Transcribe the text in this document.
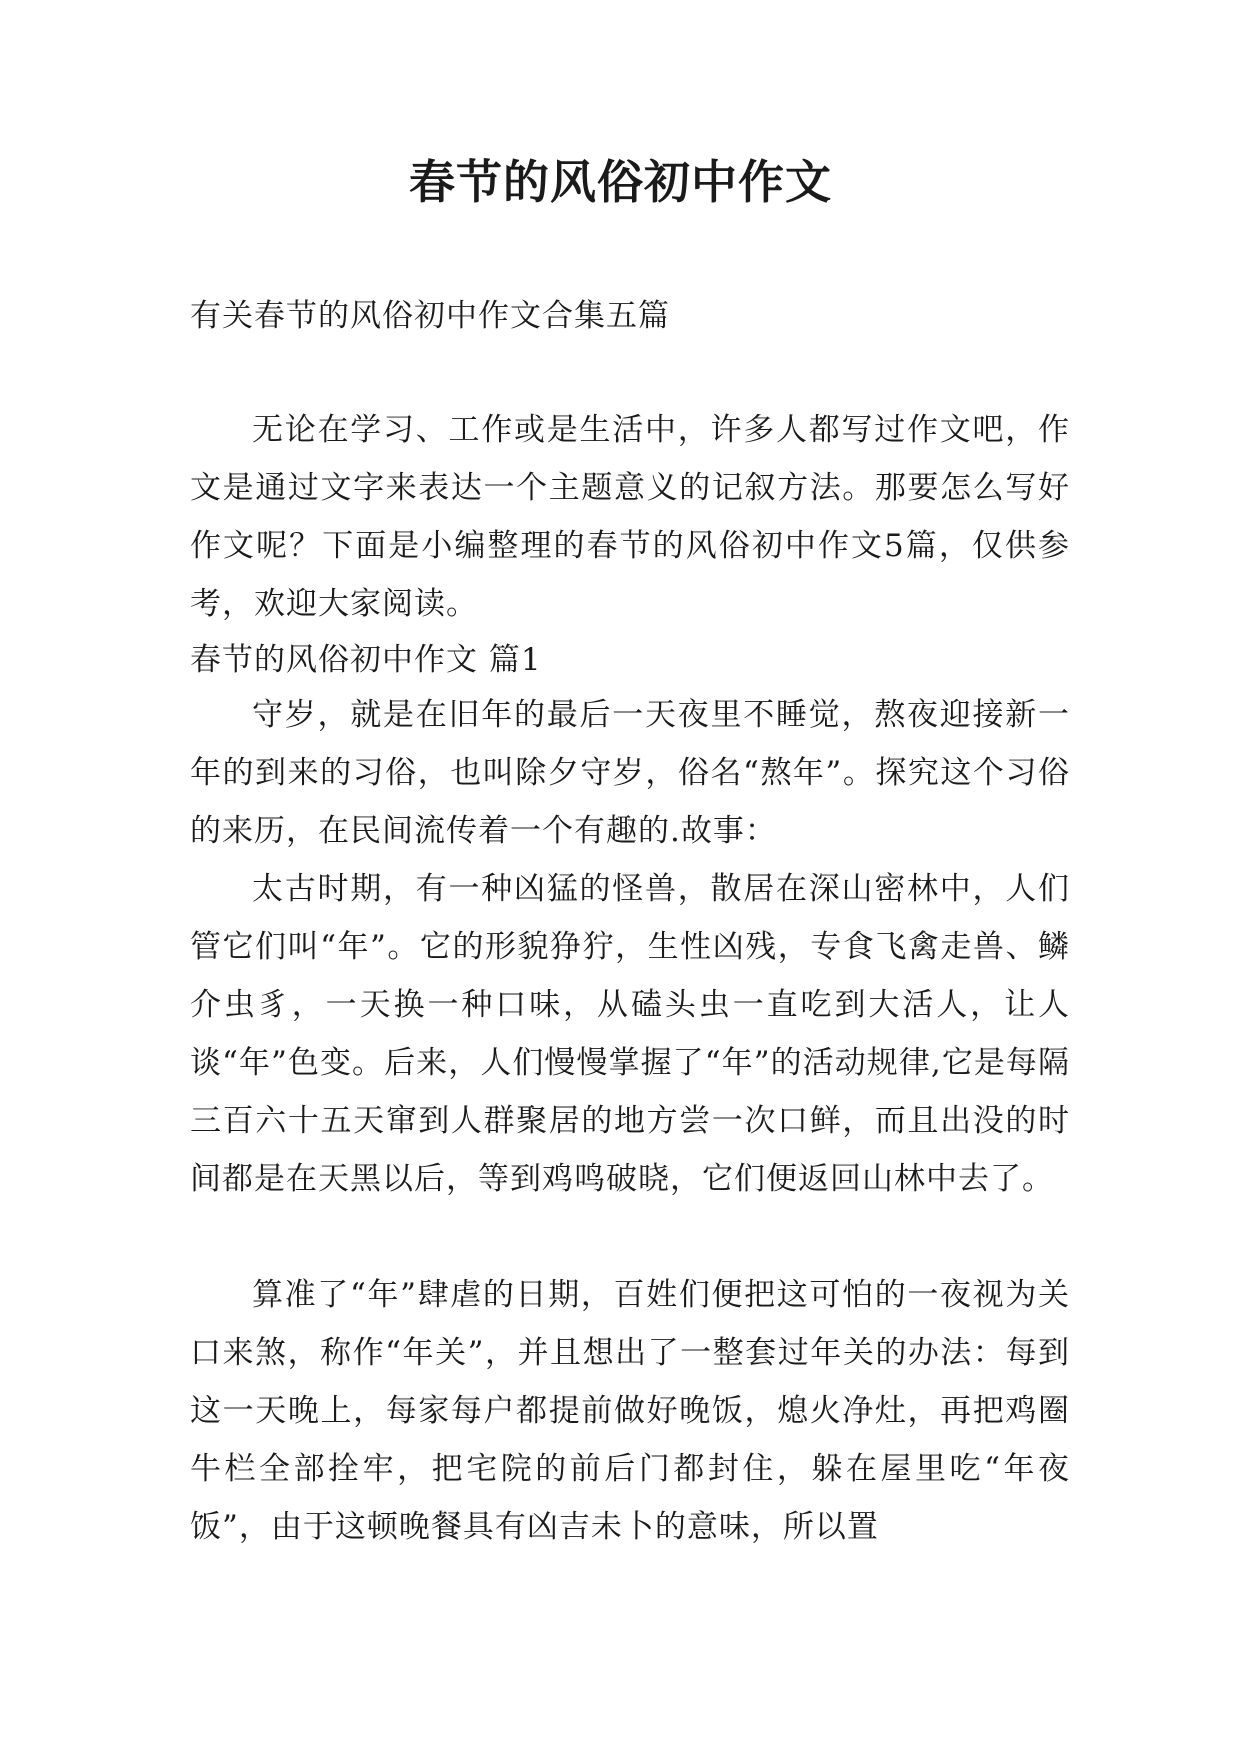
春节的风俗初中作文
有关春节的风俗初中作文合集五篇

无论在学习、工作或是生活中，许多人都写过作文吧，作文是通过文字来表达一个主题意义的记叙方法。那要怎么写好作文呢？下面是小编整理的春节的风俗初中作文5篇，仅供参考，欢迎大家阅读。

春节的风俗初中作文 篇1

守岁，就是在旧年的最后一天夜里不睡觉，熬夜迎接新一年的到来的习俗，也叫除夕守岁，俗名“熬年”。探究这个习俗的来历，在民间流传着一个有趣的.故事：

太古时期，有一种凶猛的怪兽，散居在深山密林中，人们管它们叫“年”。它的形貌狰狞，生性凶残，专食飞禽走兽、鳞介虫豸，一天换一种口味，从磕头虫一直吃到大活人，让人谈“年”色变。后来，人们慢慢掌握了“年”的活动规律,它是每隔三百六十五天窜到人群聚居的地方尝一次口鲜，而且出没的时间都是在天黑以后，等到鸡鸣破晓，它们便返回山林中去了。

算准了“年”肆虐的日期，百姓们便把这可怕的一夜视为关口来煞，称作“年关”，并且想出了一整套过年关的办法：每到这一天晚上，每家每户都提前做好晚饭，熄火净灶，再把鸡圈牛栏全部拴牢，把宅院的前后门都封住，躲在屋里吃“年夜饭”，由于这顿晚餐具有凶吉未卜的意味，所以置
